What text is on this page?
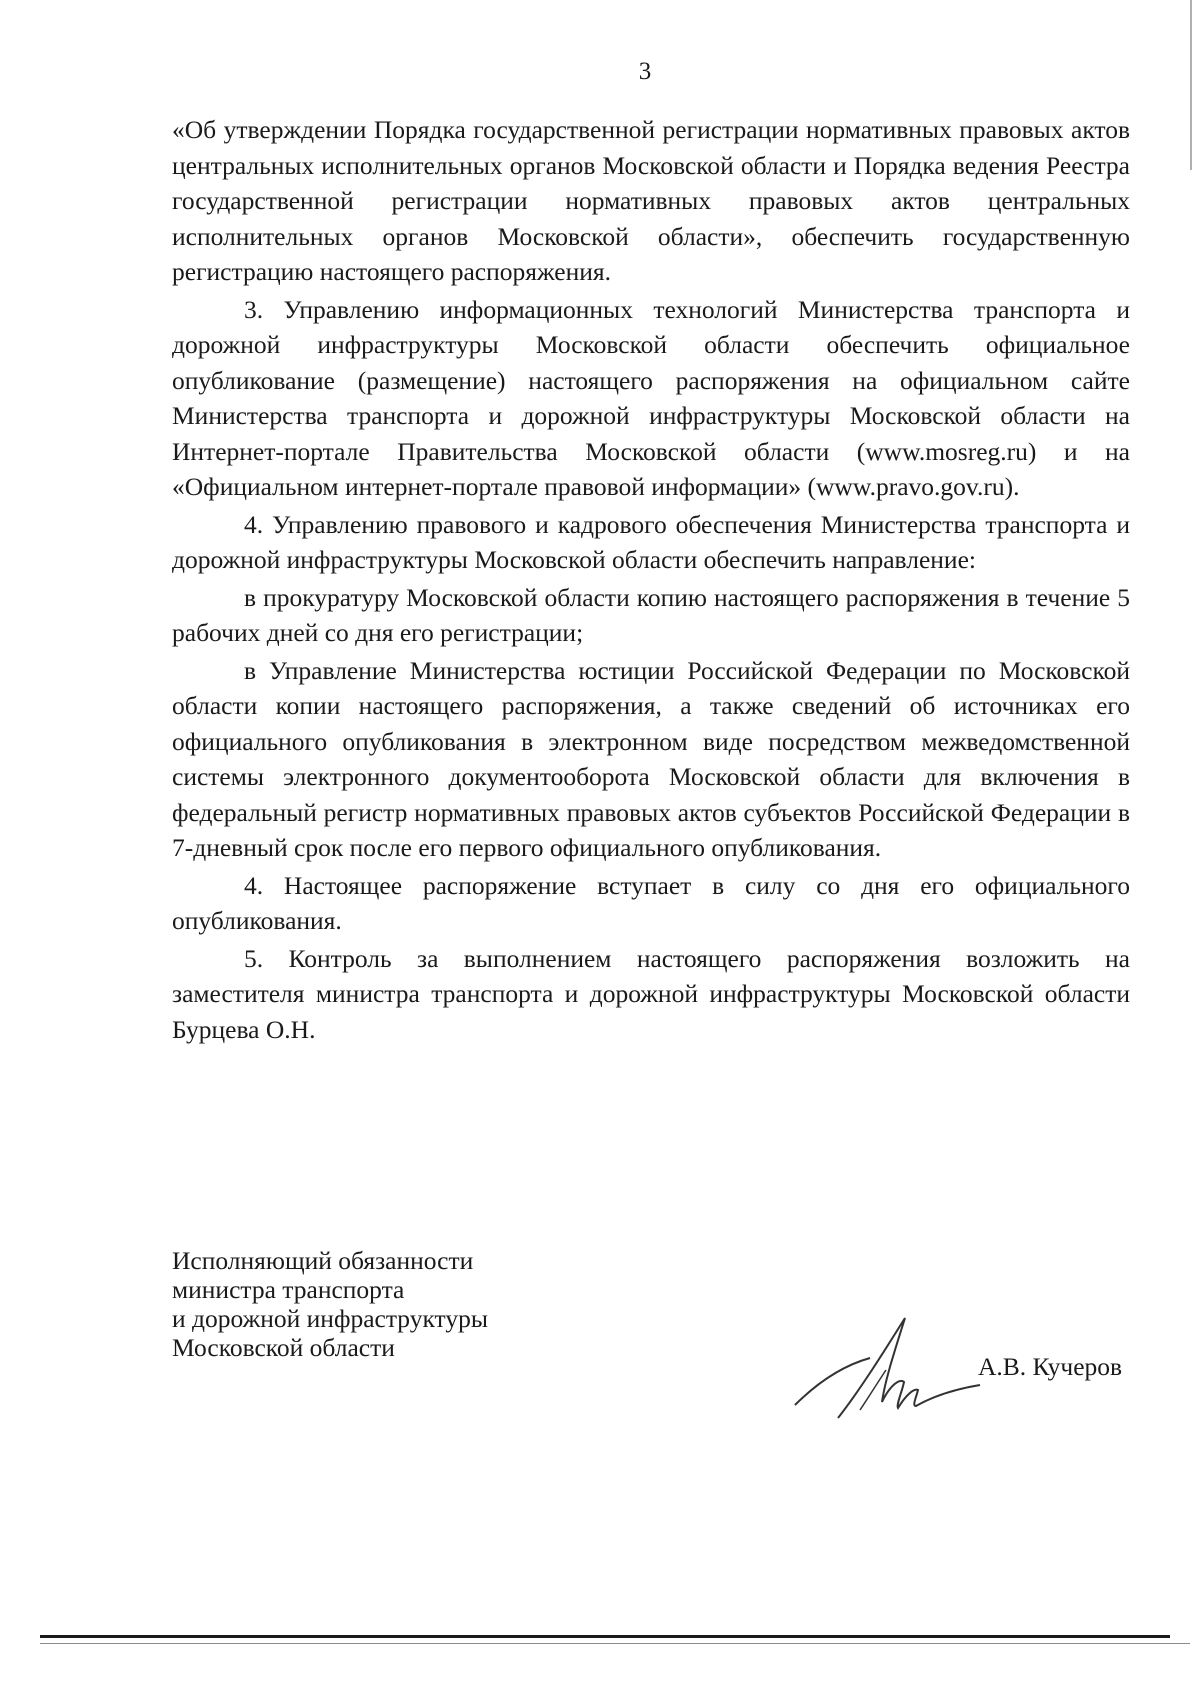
3

«Об утверждении Порядка государственной регистрации нормативных правовых актов центральных исполнительных органов Московской области и Порядка ведения Реестра государственной регистрации нормативных правовых актов центральных исполнительных органов Московской области», обеспечить государственную регистрацию настоящего распоряжения.

3. Управлению информационных технологий Министерства транспорта и дорожной инфраструктуры Московской области обеспечить официальное опубликование (размещение) настоящего распоряжения на официальном сайте Министерства транспорта и дорожной инфраструктуры Московской области на Интернет-портале Правительства Московской области (www.mosreg.ru) и на «Официальном интернет-портале правовой информации» (www.pravo.gov.ru).

4. Управлению правового и кадрового обеспечения Министерства транспорта и дорожной инфраструктуры Московской области обеспечить направление:

в прокуратуру Московской области копию настоящего распоряжения в течение 5 рабочих дней со дня его регистрации;

в Управление Министерства юстиции Российской Федерации по Московской области копии настоящего распоряжения, а также сведений об источниках его официального опубликования в электронном виде посредством межведомственной системы электронного документооборота Московской области для включения в федеральный регистр нормативных правовых актов субъектов Российской Федерации в 7-дневный срок после его первого официального опубликования.

4. Настоящее распоряжение вступает в силу со дня его официального опубликования.

5. Контроль за выполнением настоящего распоряжения возложить на заместителя министра транспорта и дорожной инфраструктуры Московской области Бурцева О.Н.

Исполняющий обязанности
министра транспорта
и дорожной инфраструктуры
Московской области
А.В. Кучеров
